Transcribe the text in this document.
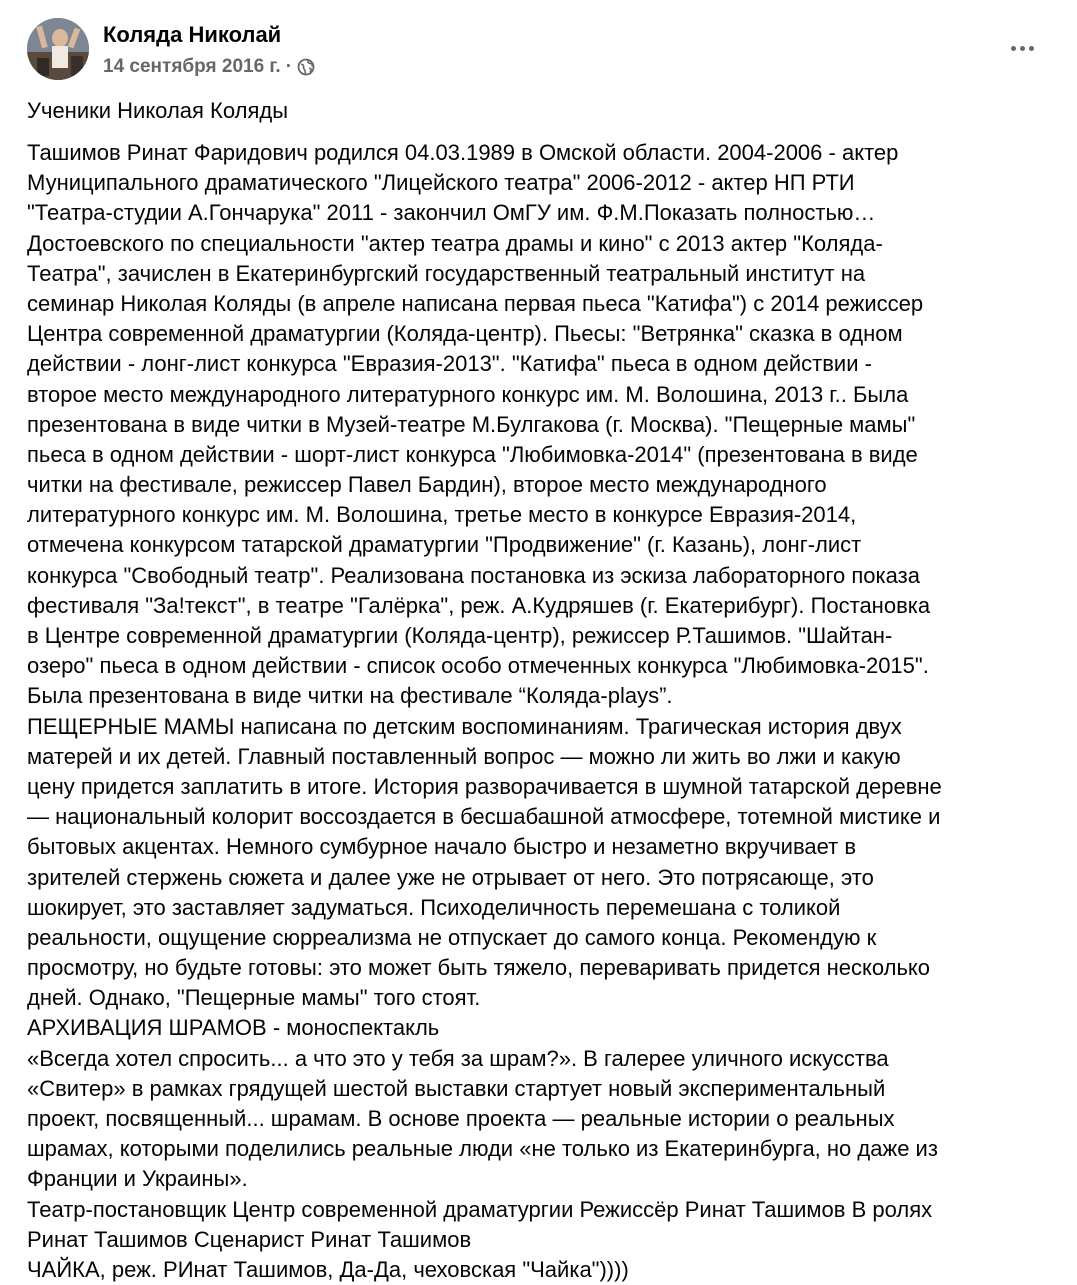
Коляда Николай
14 сентября 2016 г. ·
Ученики Николая Коляды
Ташимов Ринат Фаридович родился 04.03.1989 в Омской области. 2004-2006 - актер
Муниципального драматического "Лицейского театра" 2006-2012 - актер НП РТИ
"Театра-студии А.Гончарука" 2011 - закончил ОмГУ им. Ф.М.Показать полностью…
Достоевского по специальности "актер театра драмы и кино" с 2013 актер "Коляда-
Театра", зачислен в Екатеринбургский государственный театральный институт на
семинар Николая Коляды (в апреле написана первая пьеса "Катифа") с 2014 режиссер
Центра современной драматургии (Коляда-центр). Пьесы: "Ветрянка" сказка в одном
действии - лонг-лист конкурса "Евразия-2013". "Катифа" пьеса в одном действии -
второе место международного литературного конкурс им. М. Волошина, 2013 г.. Была
презентована в виде читки в Музей-театре М.Булгакова (г. Москва). "Пещерные мамы"
пьеса в одном действии - шорт-лист конкурса "Любимовка-2014" (презентована в виде
читки на фестивале, режиссер Павел Бардин), второе место международного
литературного конкурс им. М. Волошина, третье место в конкурсе Евразия-2014,
отмечена конкурсом татарской драматургии "Продвижение" (г. Казань), лонг-лист
конкурса "Свободный театр". Реализована постановка из эскиза лабораторного показа
фестиваля "За!текст", в театре "Галёрка", реж. А.Кудряшев (г. Екатерибург). Постановка
в Центре современной драматургии (Коляда-центр), режиссер Р.Ташимов. "Шайтан-
озеро" пьеса в одном действии - список особо отмеченных конкурса "Любимовка-2015".
Была презентована в виде читки на фестивале “Коляда-plays”.
ПЕЩЕРНЫЕ МАМЫ написана по детским воспоминаниям. Трагическая история двух
матерей и их детей. Главный поставленный вопрос — можно ли жить во лжи и какую
цену придется заплатить в итоге. История разворачивается в шумной татарской деревне
— национальный колорит воссоздается в бесшабашной атмосфере, тотемной мистике и
бытовых акцентах. Немного сумбурное начало быстро и незаметно вкручивает в
зрителей стержень сюжета и далее уже не отрывает от него. Это потрясающе, это
шокирует, это заставляет задуматься. Психоделичность перемешана с толикой
реальности, ощущение сюрреализма не отпускает до самого конца. Рекомендую к
просмотру, но будьте готовы: это может быть тяжело, переваривать придется несколько
дней. Однако, "Пещерные мамы" того стоят.
АРХИВАЦИЯ ШРАМОВ - моноспектакль
«Всегда хотел спросить... а что это у тебя за шрам?». В галерее уличного искусства
«Свитер» в рамках грядущей шестой выставки стартует новый экспериментальный
проект, посвященный... шрамам. В основе проекта — реальные истории о реальных
шрамах, которыми поделились реальные люди «не только из Екатеринбурга, но даже из
Франции и Украины».
Театр-постановщик Центр современной драматургии Режиссёр Ринат Ташимов В ролях
Ринат Ташимов Сценарист Ринат Ташимов
ЧАЙКА, реж. РИнат Ташимов, Да-Да, чеховская "Чайка"))))
